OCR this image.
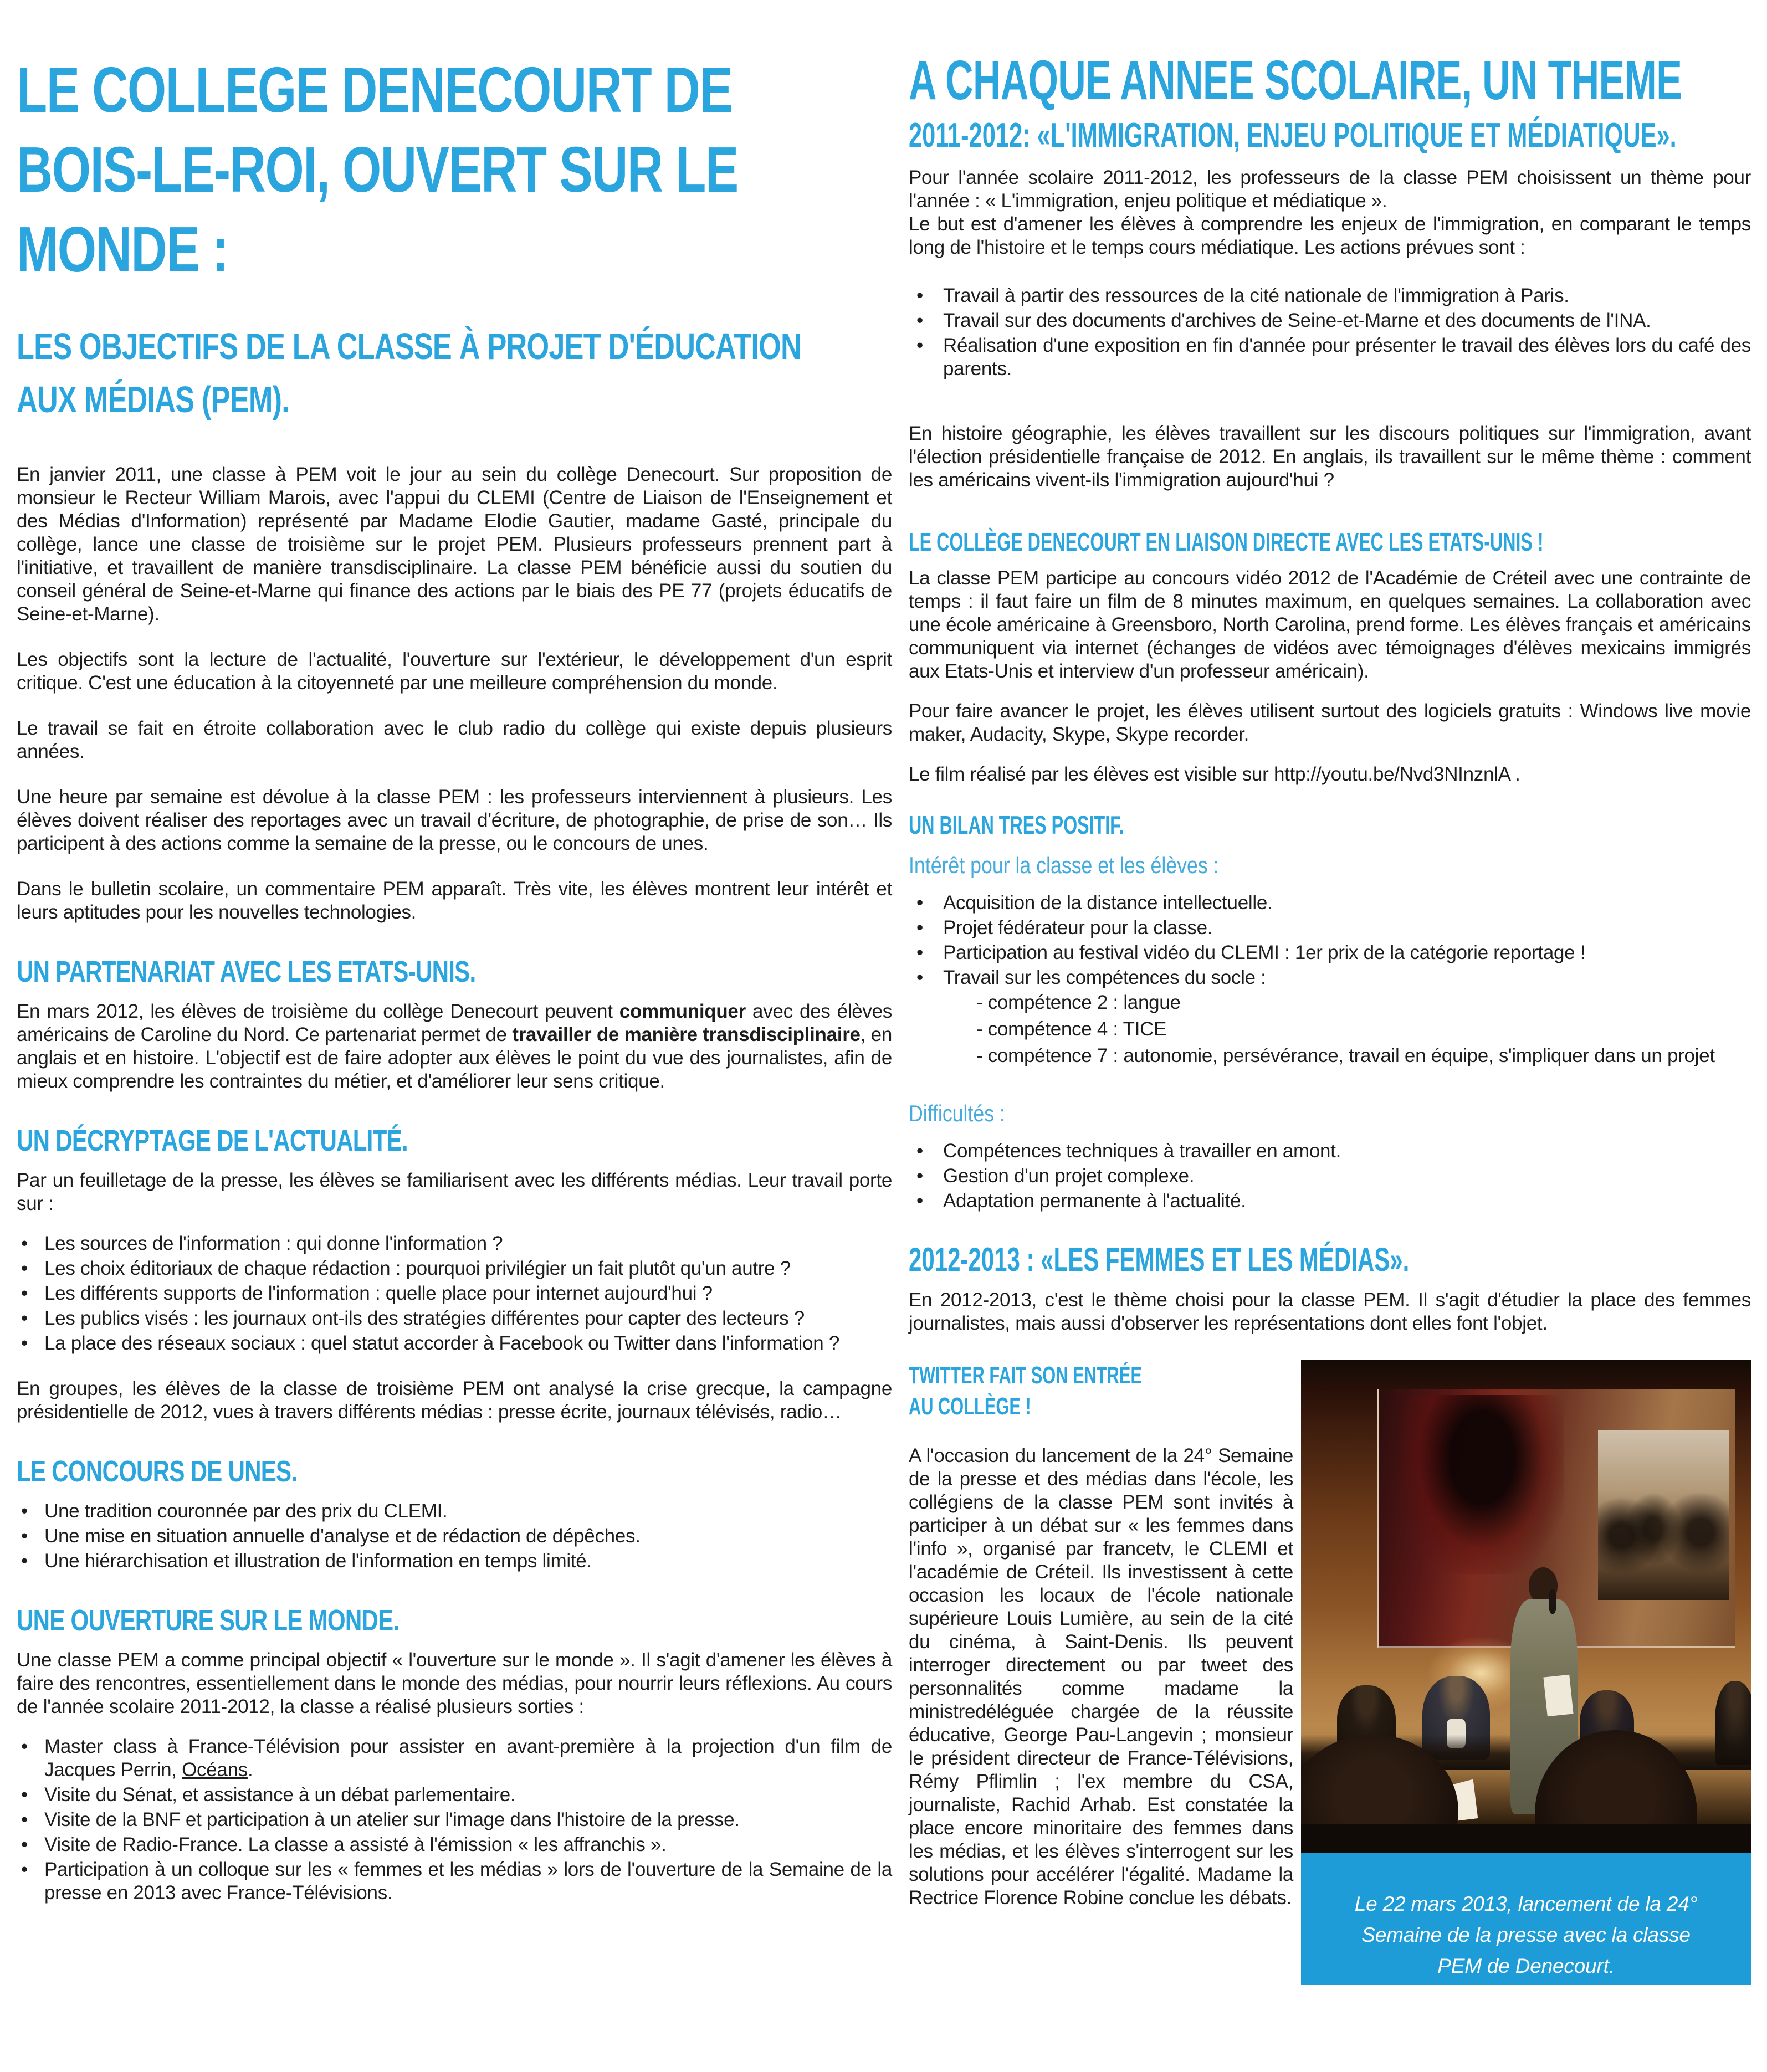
LE COLLEGE DENECOURT DE
BOIS-LE-ROI, OUVERT SUR LE
MONDE :
LES OBJECTIFS DE LA CLASSE À PROJET D'ÉDUCATION
AUX MÉDIAS (PEM).

En janvier 2011, une classe à PEM voit le jour au sein du collège Denecourt. Sur proposition de monsieur le Recteur William Marois, avec l'appui du CLEMI (Centre de Liaison de l'Enseignement et des Médias d'Information) représenté par Madame Elodie Gautier, madame Gasté, principale du collège, lance une classe de troisième sur le projet PEM. Plusieurs professeurs prennent part à l'initiative, et travaillent de manière transdisciplinaire. La classe PEM bénéficie aussi du soutien du conseil général de Seine-et-Marne qui finance des actions par le biais des PE 77 (projets éducatifs de Seine-et-Marne).

Les objectifs sont la lecture de l'actualité, l'ouverture sur l'extérieur, le développement d'un esprit critique. C'est une éducation à la citoyenneté par une meilleure compréhension du monde.

Le travail se fait en étroite collaboration avec le club radio du collège qui existe depuis plusieurs années.

Une heure par semaine est dévolue à la classe PEM : les professeurs interviennent à plusieurs. Les élèves doivent réaliser des reportages avec un travail d'écriture, de photographie, de prise de son… Ils participent à des actions comme la semaine de la presse, ou le concours de unes.

Dans le bulletin scolaire, un commentaire PEM apparaît. Très vite, les élèves montrent leur intérêt et leurs aptitudes pour les nouvelles technologies.

UN PARTENARIAT AVEC LES ETATS-UNIS.

En mars 2012, les élèves de troisième du collège Denecourt peuvent communiquer avec des élèves américains de Caroline du Nord. Ce partenariat permet de travailler de manière transdisciplinaire, en anglais et en histoire. L'objectif est de faire adopter aux élèves le point du vue des journalistes, afin de mieux comprendre les contraintes du métier, et d'améliorer leur sens critique.

UN DÉCRYPTAGE DE L'ACTUALITÉ.

Par un feuilletage de la presse, les élèves se familiarisent avec les différents médias. Leur travail porte sur :

• Les sources de l'information : qui donne l'information ?
• Les choix éditoriaux de chaque rédaction : pourquoi privilégier un fait plutôt qu'un autre ?
• Les différents supports de l'information : quelle place pour internet aujourd'hui ?
• Les publics visés : les journaux ont-ils des stratégies différentes pour capter des lecteurs ?
• La place des réseaux sociaux : quel statut accorder à Facebook ou Twitter dans l'information ?

En groupes, les élèves de la classe de troisième PEM ont analysé la crise grecque, la campagne présidentielle de 2012, vues à travers différents médias : presse écrite, journaux télévisés, radio…

LE CONCOURS DE UNES.
• Une tradition couronnée par des prix du CLEMI.
• Une mise en situation annuelle d'analyse et de rédaction de dépêches.
• Une hiérarchisation et illustration de l'information en temps limité.
UNE OUVERTURE SUR LE MONDE.

Une classe PEM a comme principal objectif « l'ouverture sur le monde ». Il s'agit d'amener les élèves à faire des rencontres, essentiellement dans le monde des médias, pour nourrir leurs réflexions. Au cours de l'année scolaire 2011-2012, la classe a réalisé plusieurs sorties :

• Master class à France-Télévision pour assister en avant-première à la projection d'un film de Jacques Perrin, Océans.
• Visite du Sénat, et assistance à un débat parlementaire.
• Visite de la BNF et participation à un atelier sur l'image dans l'histoire de la presse.
• Visite de Radio-France. La classe a assisté à l'émission « les affranchis ».
• Participation à un colloque sur les « femmes et les médias » lors de l'ouverture de la Semaine de la presse en 2013 avec France-Télévisions.
A CHAQUE ANNEE SCOLAIRE, UN THEME
2011-2012: «L'IMMIGRATION, ENJEU POLITIQUE ET MÉDIATIQUE».

Pour l'année scolaire 2011-2012, les professeurs de la classe PEM choisissent un thème pour l'année : « L'immigration, enjeu politique et médiatique ».

Le but est d'amener les élèves à comprendre les enjeux de l'immigration, en comparant le temps long de l'histoire et le temps cours médiatique. Les actions prévues sont :

• Travail à partir des ressources de la cité nationale de l'immigration à Paris.
• Travail sur des documents d'archives de Seine-et-Marne et des documents de l'INA.
• Réalisation d'une exposition en fin d'année pour présenter le travail des élèves lors du café des parents.

En histoire géographie, les élèves travaillent sur les discours politiques sur l'immigration, avant l'élection présidentielle française de 2012. En anglais, ils travaillent sur le même thème : comment les américains vivent-ils l'immigration aujourd'hui ?

LE COLLÈGE DENECOURT EN LIAISON DIRECTE AVEC LES ETATS-UNIS !

La classe PEM participe au concours vidéo 2012 de l'Académie de Créteil avec une contrainte de temps : il faut faire un film de 8 minutes maximum, en quelques semaines. La collaboration avec une école américaine à Greensboro, North Carolina, prend forme. Les élèves français et américains communiquent via internet (échanges de vidéos avec témoignages d'élèves mexicains immigrés aux Etats-Unis et interview d'un professeur américain).

Pour faire avancer le projet, les élèves utilisent surtout des logiciels gratuits : Windows live movie maker, Audacity, Skype, Skype recorder.

Le film réalisé par les élèves est visible sur http://youtu.be/Nvd3NInznlA .

UN BILAN TRES POSITIF.
Intérêt pour la classe et les élèves :
• Acquisition de la distance intellectuelle.
• Projet fédérateur pour la classe.
• Participation au festival vidéo du CLEMI : 1er prix de la catégorie reportage !
• Travail sur les compétences du socle :
- compétence 2 : langue
- compétence 4 : TICE
- compétence 7 : autonomie, persévérance, travail en équipe, s'impliquer dans un projet
Difficultés :
• Compétences techniques à travailler en amont.
• Gestion d'un projet complexe.
• Adaptation permanente à l'actualité.
2012-2013 : «LES FEMMES ET LES MÉDIAS».

En 2012-2013, c'est le thème choisi pour la classe PEM. Il s'agit d'étudier la place des femmes journalistes, mais aussi d'observer les représentations dont elles font l'objet.

TWITTER FAIT SON ENTRÉE
AU COLLÈGE !

A l'occasion du lancement de la 24° Semaine de la presse et des médias dans l'école, les collégiens de la classe PEM sont invités à participer à un débat sur « les femmes dans l'info », organisé par francetv, le CLEMI et l'académie de Créteil. Ils investissent à cette occasion les locaux de l'école nationale supérieure Louis Lumière, au sein de la cité du cinéma, à Saint-Denis. Ils peuvent interroger directement ou par tweet des personnalités comme madame la ministredéléguée chargée de la réussite éducative, George Pau-Langevin ; monsieur le président directeur de France-Télévisions, Rémy Pflimlin ; l'ex membre du CSA, journaliste, Rachid Arhab. Est constatée la place encore minoritaire des femmes dans les médias, et les élèves s'interrogent sur les solutions pour accélérer l'égalité. Madame la Rectrice Florence Robine conclue les débats.	Le 22 mars 2013, lancement de la 24° Semaine de la presse avec la classe PEM de Denecourt.
